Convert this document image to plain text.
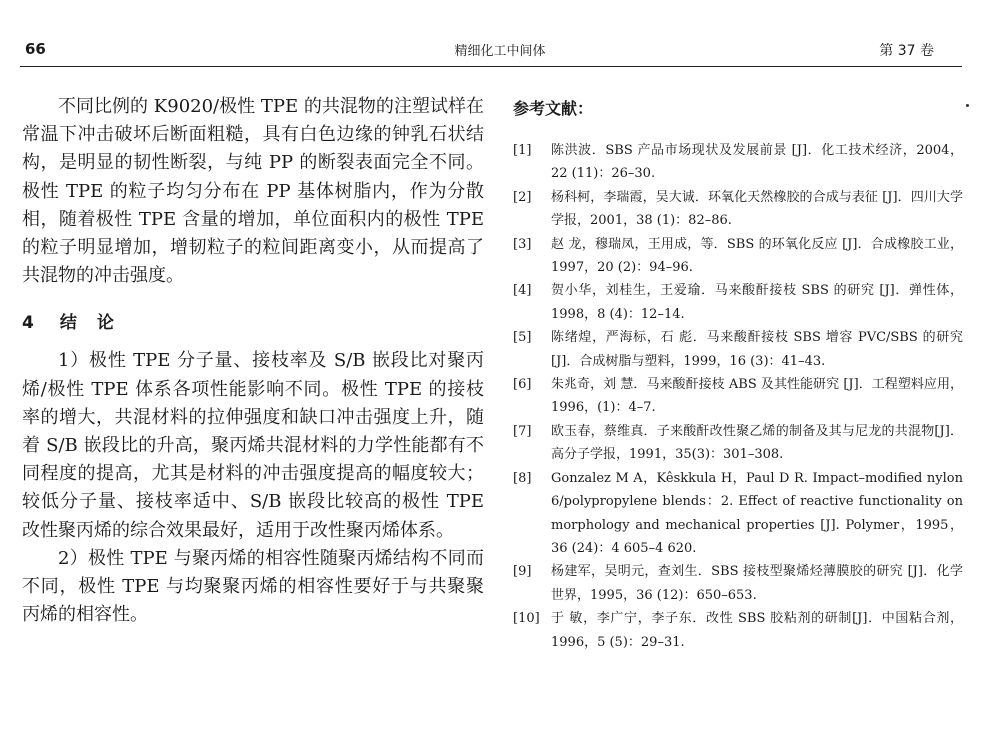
66	精细化工中间体	第 37 卷

不同比例的 K9020/极性 TPE 的共混物的注塑试样在常温下冲击破坏后断面粗糙，具有白色边缘的钟乳石状结构，是明显的韧性断裂，与纯 PP 的断裂表面完全不同。极性 TPE 的粒子均匀分布在 PP 基体树脂内，作为分散相，随着极性 TPE 含量的增加，单位面积内的极性 TPE 的粒子明显增加，增韧粒子的粒间距离变小，从而提高了共混物的冲击强度。

4 结论

1）极性 TPE 分子量、接枝率及 S/B 嵌段比对聚丙烯/极性 TPE 体系各项性能影响不同。极性 TPE 的接枝率的增大，共混材料的拉伸强度和缺口冲击强度上升，随着 S/B 嵌段比的升高，聚丙烯共混材料的力学性能都有不同程度的提高，尤其是材料的冲击强度提高的幅度较大；较低分子量、接枝率适中、S/B 嵌段比较高的极性 TPE 改性聚丙烯的综合效果最好，适用于改性聚丙烯体系。

2）极性 TPE 与聚丙烯的相容性随聚丙烯结构不同而不同，极性 TPE 与均聚聚丙烯的相容性要好于与共聚聚丙烯的相容性。

参考文献：
[1]	陈洪波．SBS 产品市场现状及发展前景 [J]．化工技术经济，2004，22 (11)：26–30.
[2]	杨科柯，李瑞霞，吴大诚．环氧化天然橡胶的合成与表征 [J]．四川大学学报，2001，38 (1)：82–86.
[3]	赵 龙，穆瑞凤，王用成，等．SBS 的环氧化反应 [J]．合成橡胶工业，1997，20 (2)：94–96.
[4]	贺小华，刘桂生，王爱瑜．马来酸酐接枝 SBS 的研究 [J]．弹性体，1998，8 (4)：12–14.
[5]	陈绪煌，严海标，石 彪．马来酸酐接枝 SBS 增容 PVC/SBS 的研究[J]．合成树脂与塑料，1999，16 (3)：41–43.
[6]	朱兆奇，刘 慧．马来酸酐接枝 ABS 及其性能研究 [J]．工程塑料应用，1996，(1)：4–7.
[7]	欧玉春，蔡维真．子来酸酐改性聚乙烯的制备及其与尼龙的共混物[J]．高分子学报，1991，35(3)：301–308.
[8]	Gonzalez M A，Kêskkula H，Paul D R. Impact–modified nylon 6/polypropylene blends：2. Effect of reactive functionality on morphology and mechanical properties [J]. Polymer，1995，36 (24)：4 605–4 620.
[9]	杨建军，吴明元，查刘生．SBS 接枝型聚烯烃薄膜胶的研究 [J]．化学世界，1995，36 (12)：650–653.
[10] 于 敏，李广宁，李子东．改性 SBS 胶粘剂的研制[J]．中国粘合剂，1996，5 (5)：29–31.
